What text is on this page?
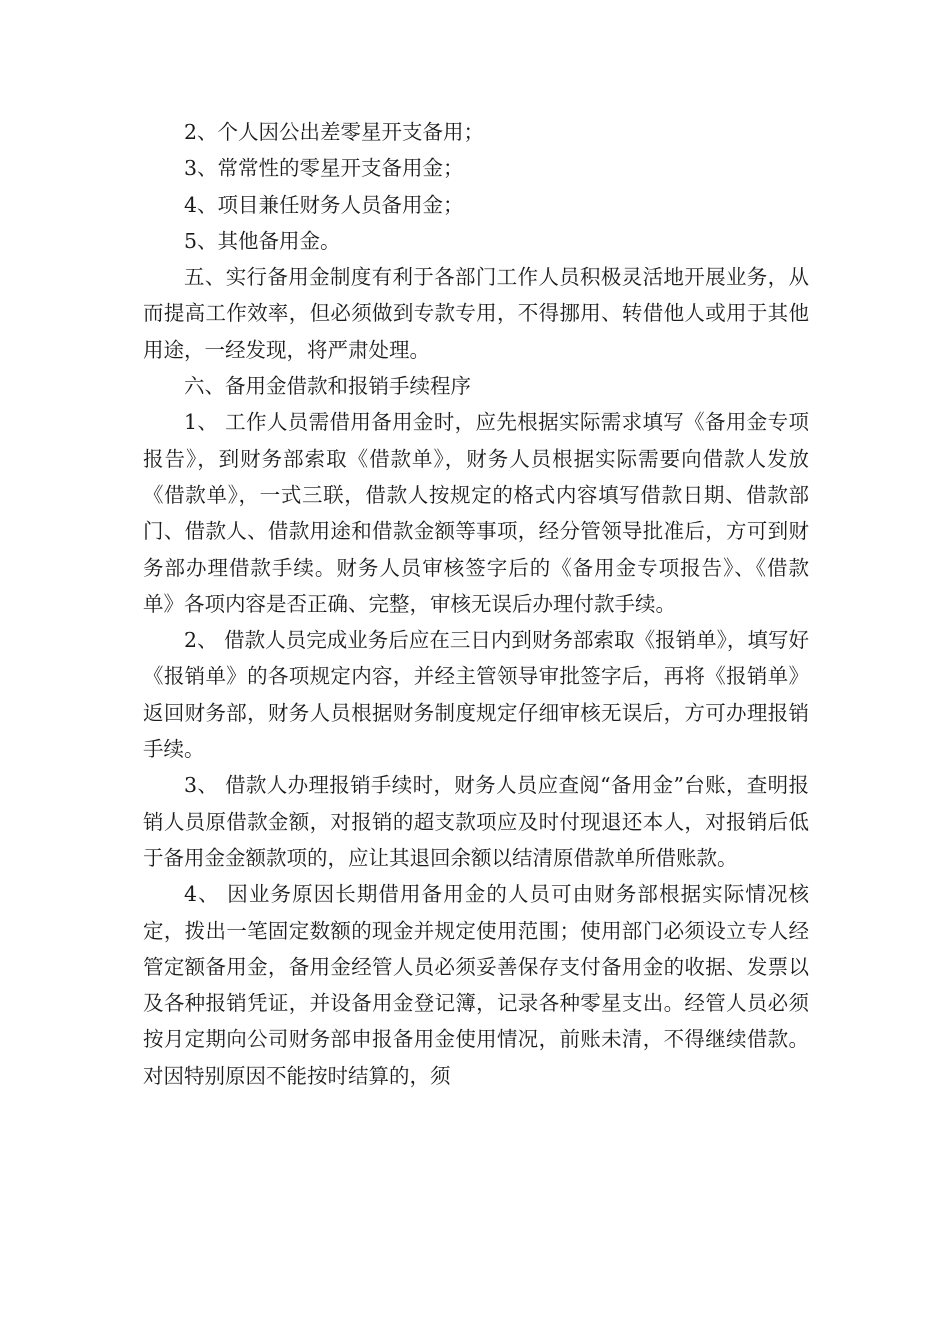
2、个人因公出差零星开支备用；
3、常常性的零星开支备用金；
4、项目兼任财务人员备用金；
5、其他备用金。

五、实行备用金制度有利于各部门工作人员积极灵活地开展业务，从而提高工作效率，但必须做到专款专用，不得挪用、转借他人或用于其他用途，一经发现，将严肃处理。

六、备用金借款和报销手续程序

1、 工作人员需借用备用金时，应先根据实际需求填写《备用金专项报告》，到财务部索取《借款单》，财务人员根据实际需要向借款人发放《借款单》，一式三联，借款人按规定的格式内容填写借款日期、借款部门、借款人、借款用途和借款金额等事项，经分管领导批准后，方可到财务部办理借款手续。财务人员审核签字后的《备用金专项报告》、《借款单》各项内容是否正确、完整，审核无误后办理付款手续。

2、 借款人员完成业务后应在三日内到财务部索取《报销单》，填写好《报销单》的各项规定内容，并经主管领导审批签字后，再将《报销单》返回财务部，财务人员根据财务制度规定仔细审核无误后，方可办理报销手续。

3、 借款人办理报销手续时，财务人员应查阅“备用金”台账，查明报销人员原借款金额，对报销的超支款项应及时付现退还本人，对报销后低于备用金金额款项的，应让其退回余额以结清原借款单所借账款。

4、 因业务原因长期借用备用金的人员可由财务部根据实际情况核定，拨出一笔固定数额的现金并规定使用范围；使用部门必须设立专人经管定额备用金，备用金经管人员必须妥善保存支付备用金的收据、发票以及各种报销凭证，并设备用金登记簿，记录各种零星支出。经管人员必须按月定期向公司财务部申报备用金使用情况，前账未清，不得继续借款。对因特别原因不能按时结算的，须
